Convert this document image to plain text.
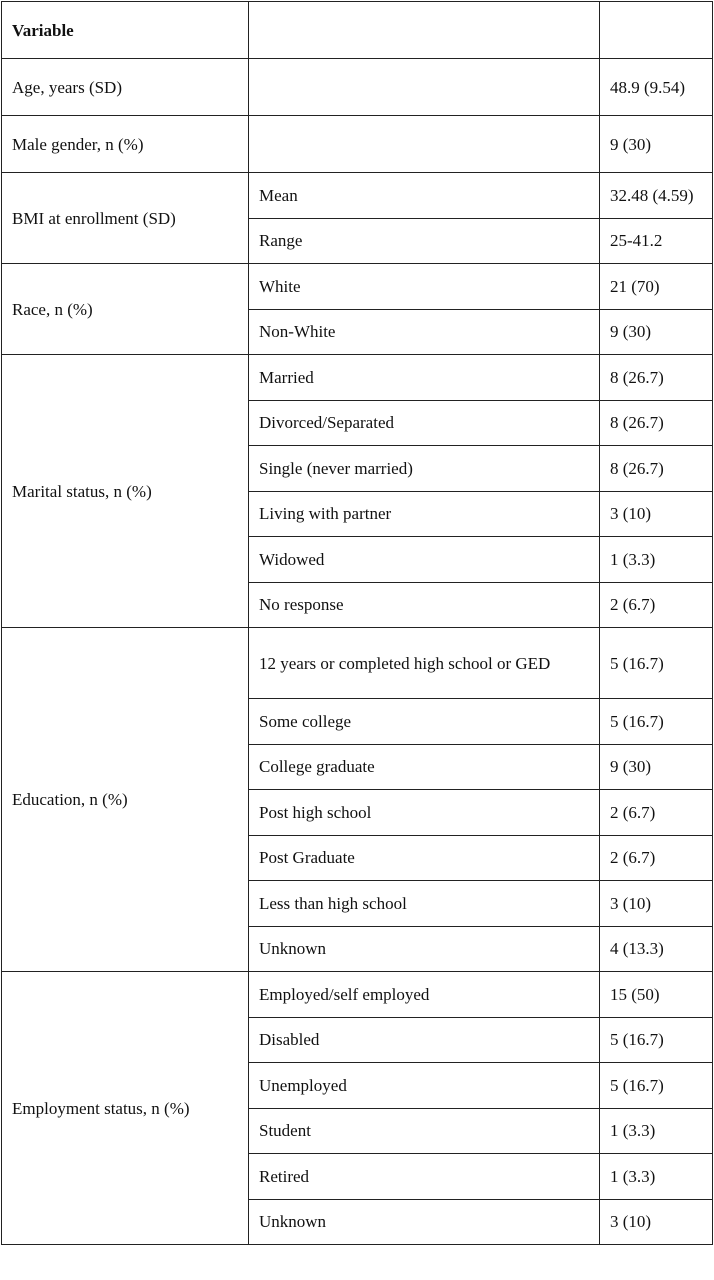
Variable		
Age, years (SD)		48.9 (9.54)
Male gender, n (%)		9 (30)
BMI at enrollment (SD)	Mean	32.48 (4.59)
	Range	25-41.2
Race, n (%)	White	21 (70)
	Non-White	9 (30)
Marital status, n (%)	Married	8 (26.7)
	Divorced/Separated	8 (26.7)
	Single (never married)	8 (26.7)
	Living with partner	3 (10)
	Widowed	1 (3.3)
	No response	2 (6.7)
Education, n (%)	12 years or completed high school or GED	5 (16.7)
	Some college	5 (16.7)
	College graduate	9 (30)
	Post high school	2 (6.7)
	Post Graduate	2 (6.7)
	Less than high school	3 (10)
	Unknown	4 (13.3)
Employment status, n (%)	Employed/self employed	15 (50)
	Disabled	5 (16.7)
	Unemployed	5 (16.7)
	Student	1 (3.3)
	Retired	1 (3.3)
	Unknown	3 (10)
